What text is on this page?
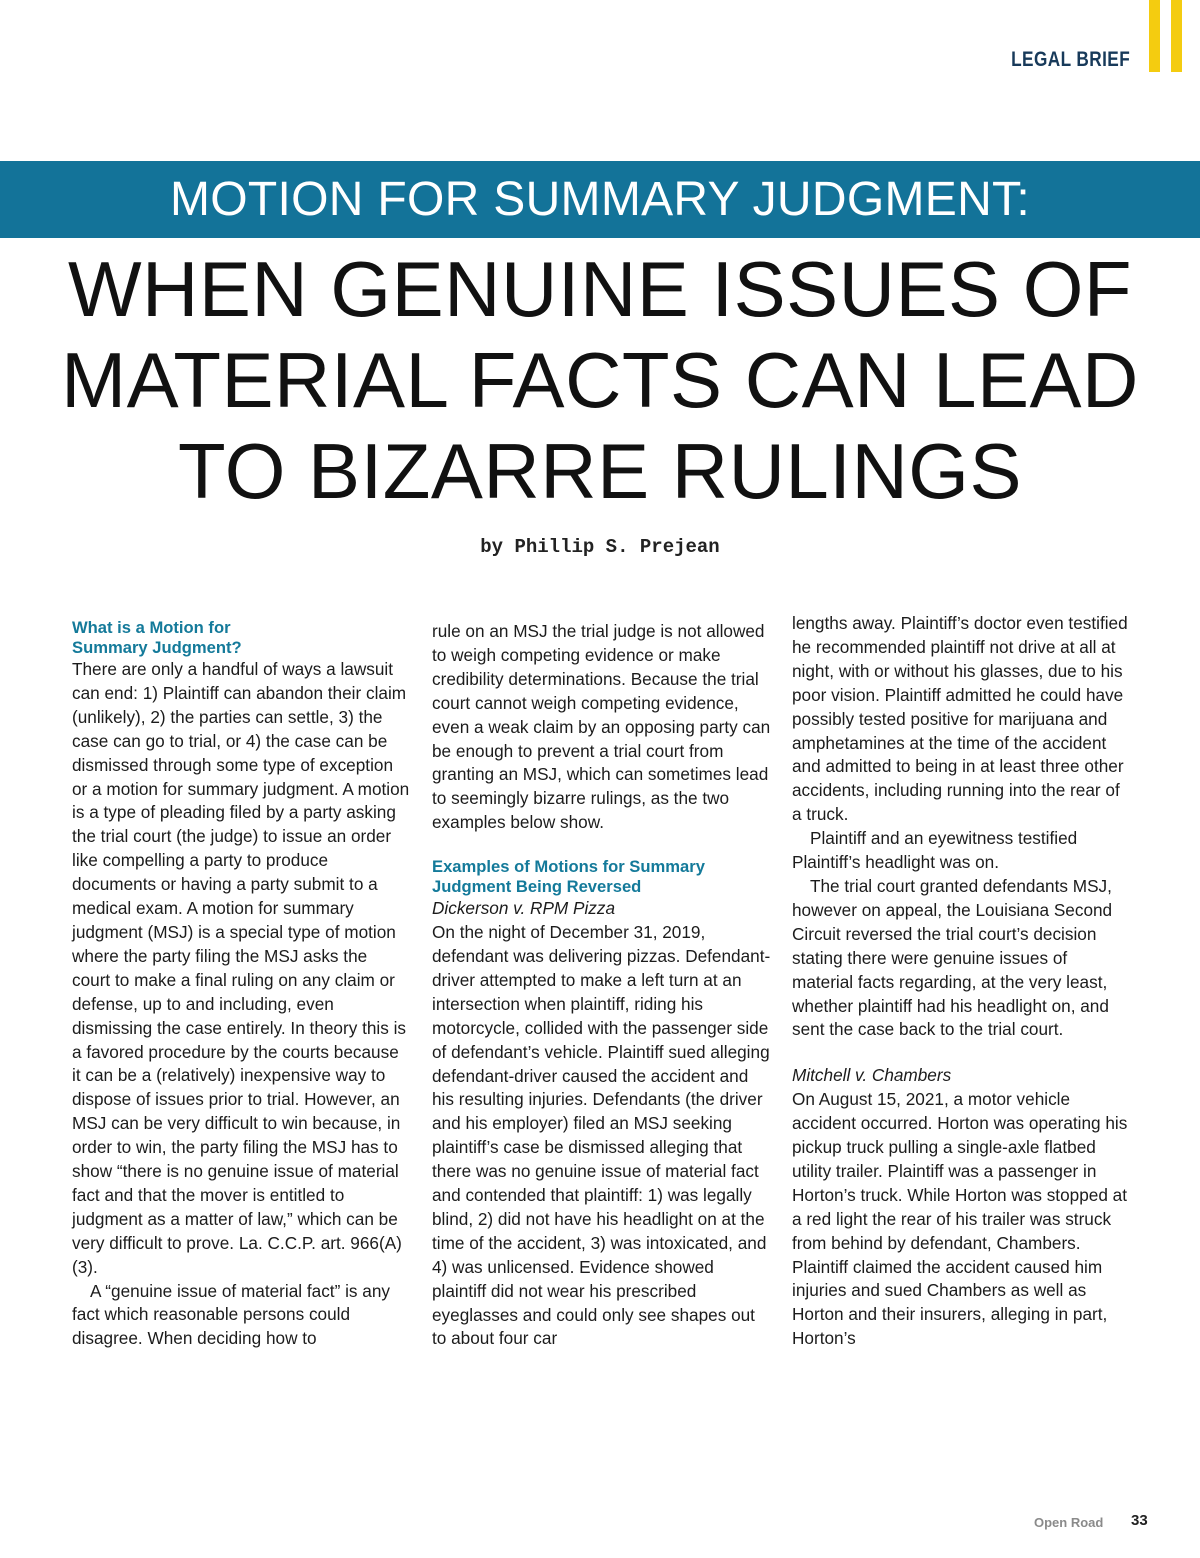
LEGAL BRIEF
MOTION FOR SUMMARY JUDGMENT:
WHEN GENUINE ISSUES OF
MATERIAL FACTS CAN LEAD
TO BIZARRE RULINGS
by Phillip S. Prejean

What is a Motion for Summary Judgment?

There are only a handful of ways a lawsuit can end: 1) Plaintiff can abandon their claim (unlikely), 2) the parties can settle, 3) the case can go to trial, or 4) the case can be dismissed through some type of exception or a motion for summary judgment. A motion is a type of pleading filed by a party asking the trial court (the judge) to issue an order like compelling a party to produce documents or having a party submit to a medical exam. A motion for summary judgment (MSJ) is a special type of motion where the party filing the MSJ asks the court to make a final ruling on any claim or defense, up to and including, even dismissing the case entirely. In theory this is a favored procedure by the courts because it can be a (relatively) inexpensive way to dispose of issues prior to trial. However, an MSJ can be very difficult to win because, in order to win, the party filing the MSJ has to show “there is no genuine issue of material fact and that the mover is entitled to judgment as a matter of law,” which can be very difficult to prove. La. C.C.P. art. 966(A)(3).

A “genuine issue of material fact” is any fact which reasonable persons could disagree. When deciding how to

rule on an MSJ the trial judge is not allowed to weigh competing evidence or make credibility determinations. Because the trial court cannot weigh competing evidence, even a weak claim by an opposing party can be enough to prevent a trial court from granting an MSJ, which can sometimes lead to seemingly bizarre rulings, as the two examples below show.

Examples of Motions for Summary Judgment Being Reversed

Dickerson v. RPM Pizza

On the night of December 31, 2019, defendant was delivering pizzas. Defendant-driver attempted to make a left turn at an intersection when plaintiff, riding his motorcycle, collided with the passenger side of defendant’s vehicle. Plaintiff sued alleging defendant-driver caused the accident and his resulting injuries. Defendants (the driver and his employer) filed an MSJ seeking plaintiff’s case be dismissed alleging that there was no genuine issue of material fact and contended that plaintiff: 1) was legally blind, 2) did not have his headlight on at the time of the accident, 3) was intoxicated, and 4) was unlicensed. Evidence showed plaintiff did not wear his prescribed eyeglasses and could only see shapes out to about four car

lengths away. Plaintiff’s doctor even testified he recommended plaintiff not drive at all at night, with or without his glasses, due to his poor vision. Plaintiff admitted he could have possibly tested positive for marijuana and amphetamines at the time of the accident and admitted to being in at least three other accidents, including running into the rear of a truck.

Plaintiff and an eyewitness testified Plaintiff’s headlight was on.

The trial court granted defendants MSJ, however on appeal, the Louisiana Second Circuit reversed the trial court’s decision stating there were genuine issues of material facts regarding, at the very least, whether plaintiff had his headlight on, and sent the case back to the trial court.

Mitchell v. Chambers

On August 15, 2021, a motor vehicle accident occurred. Horton was operating his pickup truck pulling a single-axle flatbed utility trailer. Plaintiff was a passenger in Horton’s truck. While Horton was stopped at a red light the rear of his trailer was struck from behind by defendant, Chambers. Plaintiff claimed the accident caused him injuries and sued Chambers as well as Horton and their insurers, alleging in part, Horton’s

Open Road 33
